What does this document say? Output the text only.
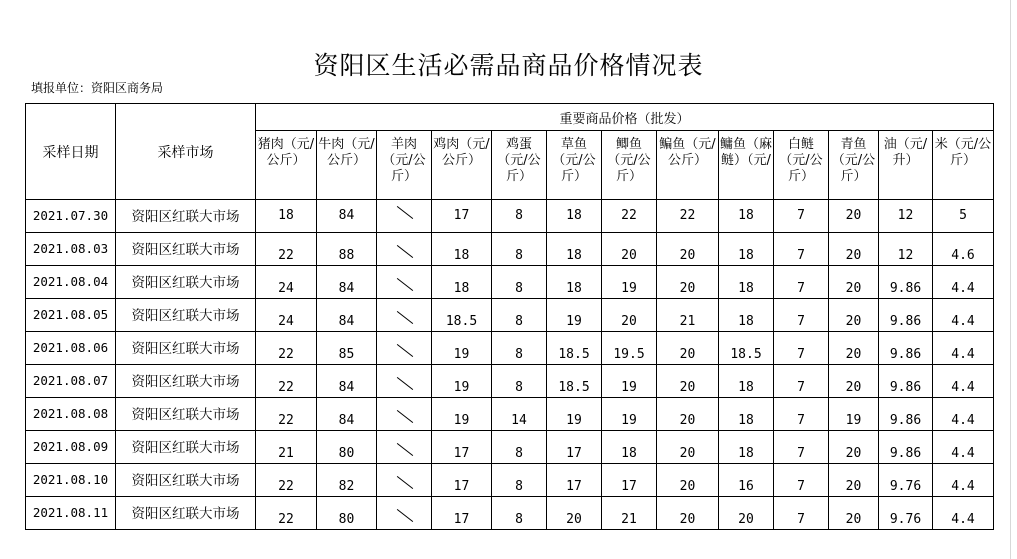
资阳区生活必需品商品价格情况表
填报单位：资阳区商务局
采样日期	采样市场	重要商品价格（批发）												
		猪肉（元/公斤）	牛肉（元/公斤）	羊肉（元/公斤）	鸡肉（元/公斤）	鸡蛋（元/公斤）	草鱼（元/公斤）	鲫鱼（元/公斤）	鳊鱼（元/公斤）	鳙鱼（麻鲢）（元/	白鲢（元/公斤）	青鱼（元/公斤）	油（元/升）	米（元/公斤）
2021.07.30	资阳区红联大市场	18	84		17	8	18	22	22	18	7	20	12	5
2021.08.03	资阳区红联大市场	22	88		18	8	18	20	20	18	7	20	12	4.6
2021.08.04	资阳区红联大市场	24	84		18	8	18	19	20	18	7	20	9.86	4.4
2021.08.05	资阳区红联大市场	24	84		18.5	8	19	20	21	18	7	20	9.86	4.4
2021.08.06	资阳区红联大市场	22	85		19	8	18.5	19.5	20	18.5	7	20	9.86	4.4
2021.08.07	资阳区红联大市场	22	84		19	8	18.5	19	20	18	7	20	9.86	4.4
2021.08.08	资阳区红联大市场	22	84		19	14	19	19	20	18	7	19	9.86	4.4
2021.08.09	资阳区红联大市场	21	80		17	8	17	18	20	18	7	20	9.86	4.4
2021.08.10	资阳区红联大市场	22	82		17	8	17	17	20	16	7	20	9.76	4.4
2021.08.11	资阳区红联大市场	22	80		17	8	20	21	20	20	7	20	9.76	4.4
